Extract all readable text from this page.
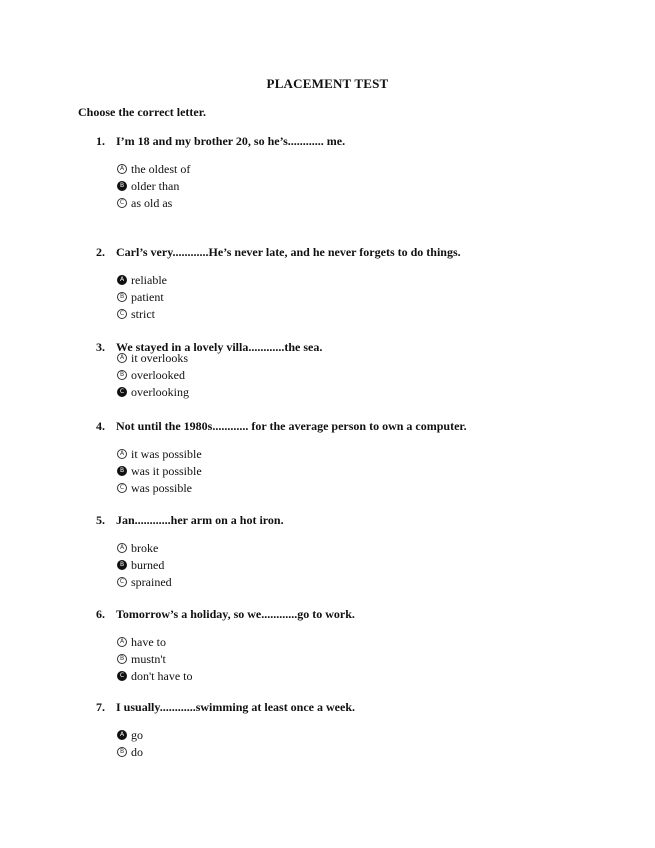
PLACEMENT TEST
Choose the correct letter.
1. I’m 18 and my brother 20, so he’s............ me.
A the oldest of
B older than
C as old as
2. Carl’s very............He’s never late, and he never forgets to do things.
A reliable
B patient
C strict
3. We stayed in a lovely villa............the sea.
A it overlooks
B overlooked
C overlooking
4. Not until the 1980s............ for the average person to own a computer.
A it was possible
B was it possible
C was possible
5. Jan............her arm on a hot iron.
A broke
B burned
C sprained
6. Tomorrow’s a holiday, so we............go to work.
A have to
B mustn't
C don't have to
7. I usually............swimming at least once a week.
A go
B do
